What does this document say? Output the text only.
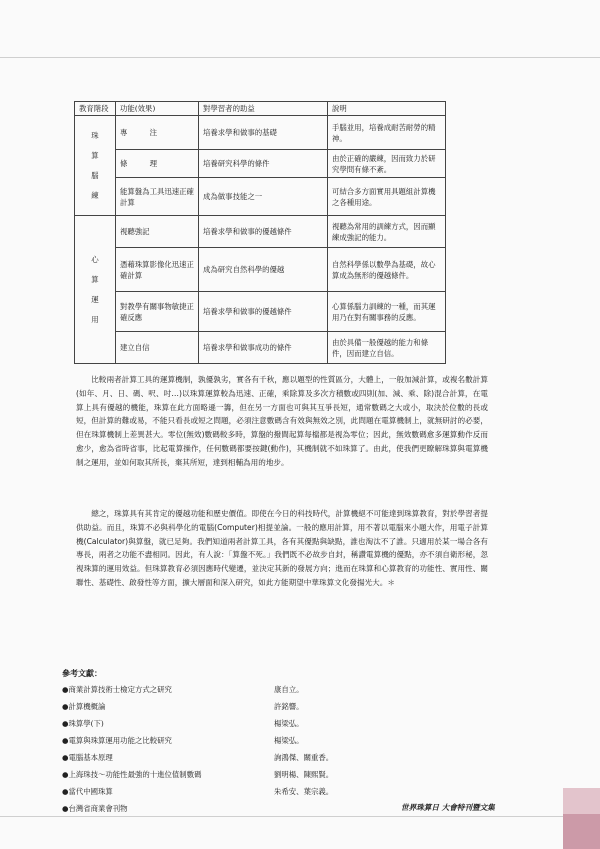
教育階段	功能(效果)	對學習者的助益	說明

珠
算
腦
練	專　　　注	培養求學和做事的基礎	手腦並用，培養成耐苦耐勞的精神。
	條　　　理	培養研究科學的條件	由於正確的嚴練，因而致力於研究學問有條不紊。
	能算盤為工具迅速正確計算	成為做事技能之一	可結合多方面實用具題組計算機之各種用途。

心
算
運
用	視聽強記	培養求學和做事的優越條件	視聽為常用的訓練方式，因而顯練成強記的能力。
	憑藉珠算影像化迅速正確計算	成為研究自然科學的優越	自然科學係以數學為基礎，故心算成為無形的優越條件。
	對教學有關事物敏捷正確反應	培養求學和做事的優越條件	心算係腦力訓練的一種，而其運用乃在對有關事務的反應。
	建立自信	培養求學和做事成功的條件	由於具備一般優越的能力和條件，因而建立自信。
比較兩者計算工具的運算機制，孰優孰劣，實各有千秋，應以題型的性質區分，大體上，一般加減計算，或複名數計算(如年、月、日、碼、呎、吋…)以珠算運算較為迅速、正確，乘除算及多次方積數或四則(加、減、乘、除)混合計算，在電算上具有優越的機能，珠算在此方面略遜一籌，但在另一方面也可與其互爭長短，通常數碼之大或小，取決於位數的長或短，但計算的難或易，不能只看長或短之問題，必須注意數碼含有效與無效之別，此問題在電算機制上，就無研討的必要，但在珠算機制上差異甚大。零位(無效)數碼較多時，算盤的撥間起算每檔都是視為零位；因此，無效數碼愈多運算動作反而愈少，愈為省時省事，比起電算操作，任何數碼都要按鍵(動作)，其機制就不如珠算了。由此，使我們更瞭解珠算與電算機制之運用，並如何取其所長，棄其所短，達到相輔為用的地步。
總之，珠算具有其肯定的優越功能和歷史價值。即使在今日的科技時代，計算機絕不可能達到珠算教育，對於學習者提供助益。而且，珠算不必與科學化的電腦(Computer)相提並論。一般的應用計算，用不著以電腦來小題大作，用電子計算機(Calculator)與算盤，就已足夠。我們知道兩者計算工具，各有其優點與缺點，誰也淘汰不了誰。只適用於某一場合各有專長，兩者之功能不盡相同。因此，有人說：「算盤不死。」我們既不必故步自封，稱讚電算機的優點，亦不須自衛形秘，忽視珠算的運用效益。但珠算教育必須因應時代變遷，並決定其新的發展方向；進而在珠算和心算教育的功能性、實用性、關聯性、基礎性、啟發性等方面，擴大層面和深入研究，如此方能期望中華珠算文化發揚光大。＊
參考文獻：
●商業計算技術士檢定方式之研究	康自立。
●計算機概論	許銘響。
●珠算學(下)	楊梁弘。
●電算與珠算運用功能之比較研究	楊梁弘。
●電腦基本原理	詢鴻傑、關重香。
●上海珠技～功能性最強的十進位值制數碼	劉明楊、陳熙賢。
●當代中國珠算	朱希安、葉宗義。
●台灣省商業會刊物	世界珠算日 大會特刊暨文集
